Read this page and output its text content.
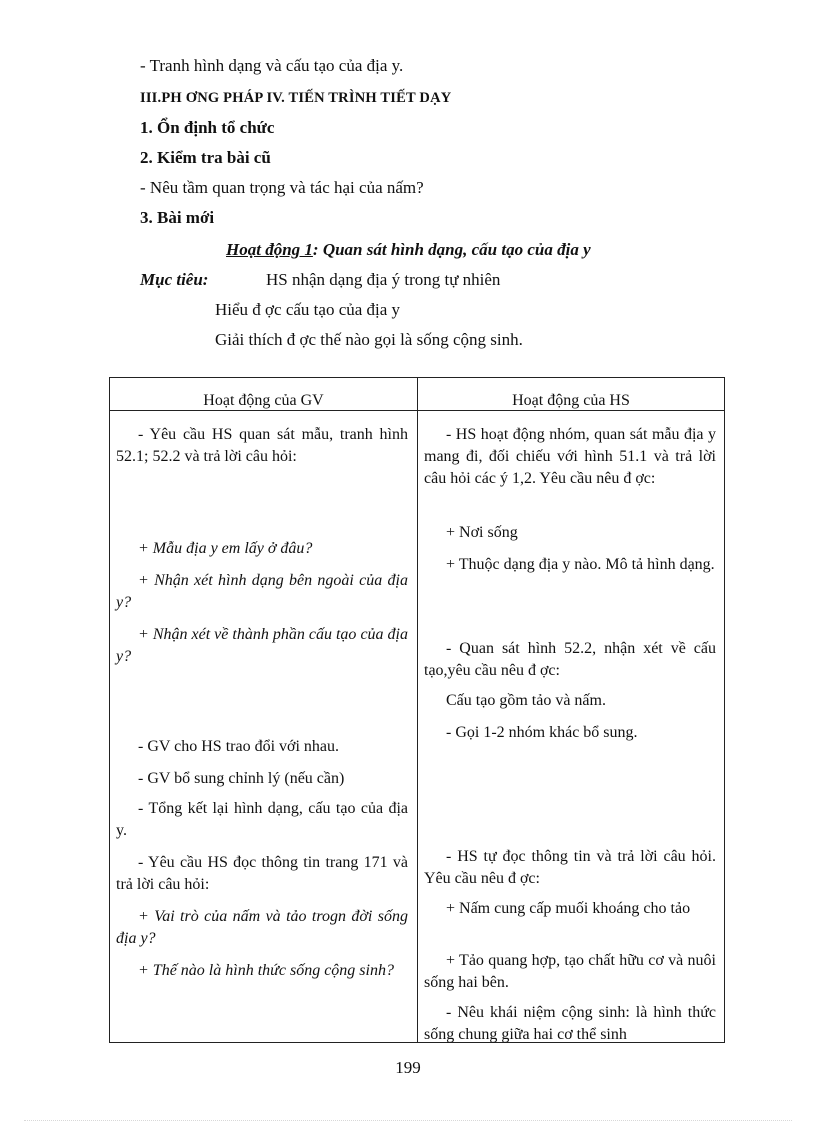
- Tranh hình dạng và cấu tạo của địa y.
III.PH ƠNG PHÁP IV. TIẾN TRÌNH TIẾT DẠY
1. Ổn định tổ chức
2. Kiểm tra bài cũ
- Nêu tầm quan trọng và tác hại của nấm?
3. Bài mới
Hoạt động 1: Quan sát hình dạng, cấu tạo của địa y
Mục tiêu:	HS nhận dạng địa ý trong tự nhiên
Hiểu đ ợc cấu tạo của địa y
Giải thích đ ợc thế nào gọi là sống cộng sinh.
Hoạt động của GV	Hoạt động của HS
- Yêu cầu HS quan sát mẫu, tranh hình 52.1; 52.2 và trả lời câu hỏi:
+ Mẫu địa y em lấy ở đâu?
+ Nhận xét hình dạng bên ngoài của địa y?
+ Nhận xét về thành phần cấu tạo của địa y?
- GV cho HS trao đổi với nhau.
- GV bổ sung chỉnh lý (nếu cần)
- Tổng kết lại hình dạng, cấu tạo của địa y.
- Yêu cầu HS đọc thông tin trang 171 và trả lời câu hỏi:
+ Vai trò của nấm và tảo trogn đời sống địa y?
+ Thế nào là hình thức sống cộng sinh?
- HS hoạt động nhóm, quan sát mẫu địa y mang đi, đối chiếu với hình 51.1 và trả lời câu hỏi các ý 1,2. Yêu cầu nêu đ ợc:
+ Nơi sống
+ Thuộc dạng địa y nào. Mô tả hình dạng.
- Quan sát hình 52.2, nhận xét về cấu tạo,yêu cầu nêu đ ợc:
Cấu tạo gồm tảo và nấm.
- Gọi 1-2 nhóm khác bổ sung.
- HS tự đọc thông tin và trả lời câu hỏi. Yêu cầu nêu đ ợc:
+ Nấm cung cấp muối khoáng cho tảo
+ Tảo quang hợp, tạo chất hữu cơ và nuôi sống hai bên.
- Nêu khái niệm cộng sinh: là hình thức sống chung giữa hai cơ thể sinh
199
